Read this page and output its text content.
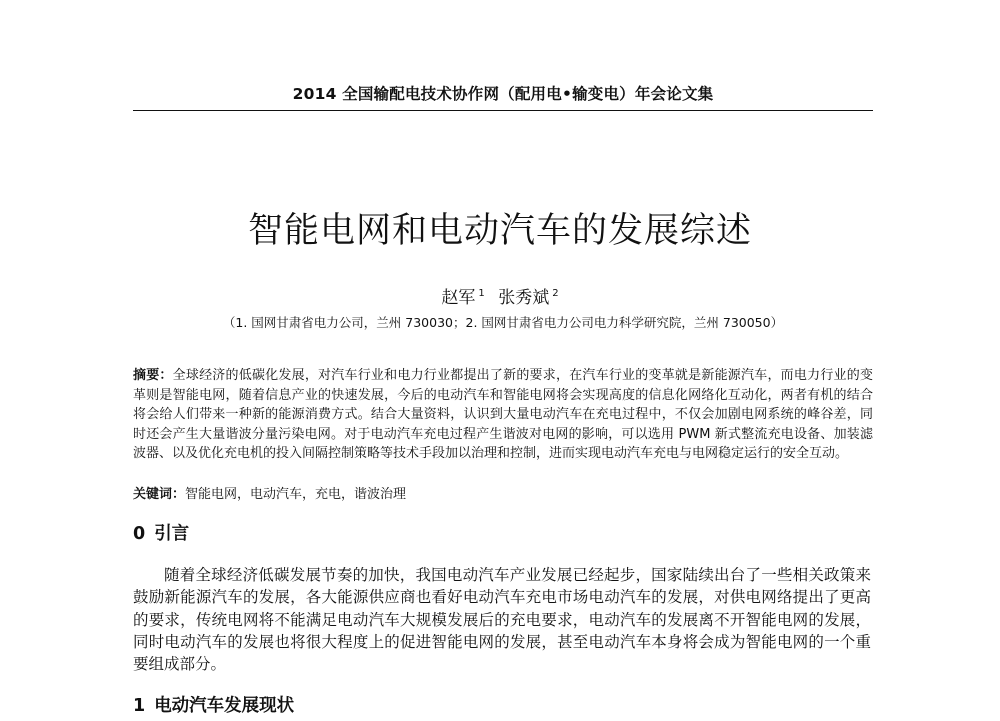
2014 全国输配电技术协作网（配用电•输变电）年会论文集
智能电网和电动汽车的发展综述
赵军 $^1$ 张秀斌 $^2$
（1. 国网甘肃省电力公司，兰州 730030；2. 国网甘肃省电力公司电力科学研究院，兰州 730050）

摘要：全球经济的低碳化发展，对汽车行业和电力行业都提出了新的要求，在汽车行业的变革就是新能源汽车，而电力行业的变革则是智能电网，随着信息产业的快速发展，今后的电动汽车和智能电网将会实现高度的信息化网络化互动化，两者有机的结合将会给人们带来一种新的能源消费方式。结合大量资料，认识到大量电动汽车在充电过程中，不仅会加剧电网系统的峰谷差，同时还会产生大量谐波分量污染电网。对于电动汽车充电过程产生谐波对电网的影响，可以选用 PWM 新式整流充电设备、加装滤波器、以及优化充电机的投入间隔控制策略等技术手段加以治理和控制，进而实现电动汽车充电与电网稳定运行的安全互动。

关键词：智能电网，电动汽车，充电，谐波治理
0 引言

随着全球经济低碳发展节奏的加快，我国电动汽车产业发展已经起步，国家陆续出台了一些相关政策来鼓励新能源汽车的发展，各大能源供应商也看好电动汽车充电市场电动汽车的发展，对供电网络提出了更高的要求，传统电网将不能满足电动汽车大规模发展后的充电要求，电动汽车的发展离不开智能电网的发展，同时电动汽车的发展也将很大程度上的促进智能电网的发展，甚至电动汽车本身将会成为智能电网的一个重要组成部分。

1 电动汽车发展现状
